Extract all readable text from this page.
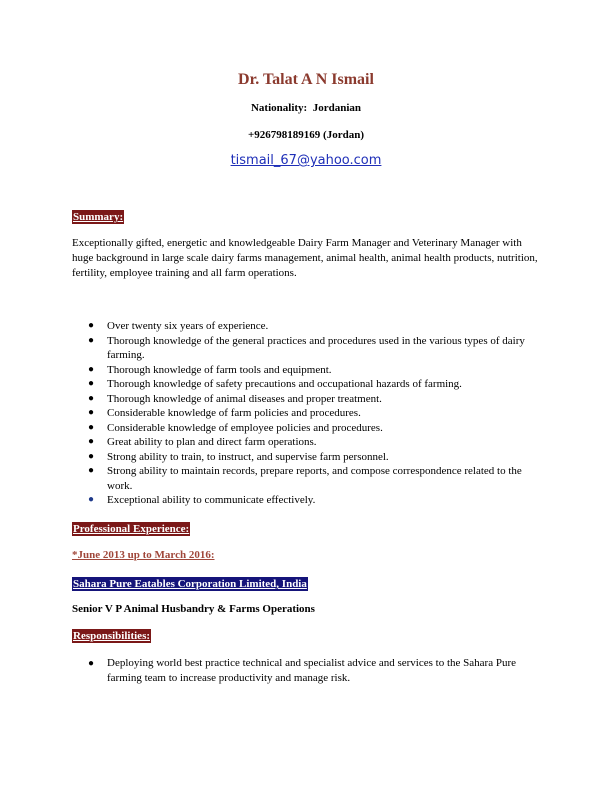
Dr. Talat A N Ismail
Nationality:  Jordanian
+926798189169 (Jordan)
tismail_67@yahoo.com
Summary:
Exceptionally gifted, energetic and knowledgeable Dairy Farm Manager and Veterinary Manager with huge background in large scale dairy farms management, animal health, animal health products, nutrition, fertility, employee training and all farm operations.
● Over twenty six years of experience.
● Thorough knowledge of the general practices and procedures used in the various types of dairy farming.
● Thorough knowledge of farm tools and equipment.
● Thorough knowledge of safety precautions and occupational hazards of farming.
● Thorough knowledge of animal diseases and proper treatment.
● Considerable knowledge of farm policies and procedures.
● Considerable knowledge of employee policies and procedures.
● Great ability to plan and direct farm operations.
● Strong ability to train, to instruct, and supervise farm personnel.
● Strong ability to maintain records, prepare reports, and compose correspondence related to the work.
● Exceptional ability to communicate effectively.
Professional Experience:
*June 2013 up to March 2016:
Sahara Pure Eatables Corporation Limited, India
Senior V P Animal Husbandry & Farms Operations
Responsibilities:
● Deploying world best practice technical and specialist advice and services to the Sahara Pure farming team to increase productivity and manage risk.
